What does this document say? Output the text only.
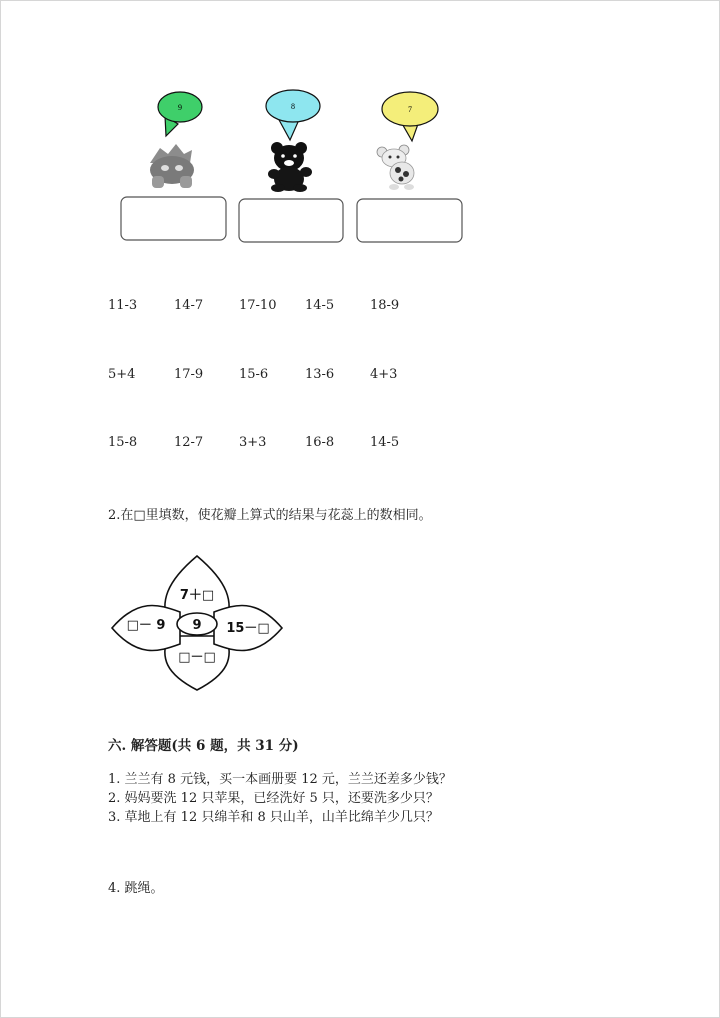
9	8	7
11-3	14-7	17-10 14-5	18-9
5+4	17-9	15-6	13-6	4+3
15-8	12-7	3+3	16-8	14-5
2.在□里填数，使花瓣上算式的结果与花蕊上的数相同。
9
7＋□
□－ 9	15－□
□－□
六. 解答题(共 6 题，共 31 分)
1. 兰兰有 8 元钱，买一本画册要 12 元，兰兰还差多少钱？
2. 妈妈要洗 12 只苹果，已经洗好 5 只，还要洗多少只？
3. 草地上有 12 只绵羊和 8 只山羊，山羊比绵羊少几只？
4. 跳绳。
